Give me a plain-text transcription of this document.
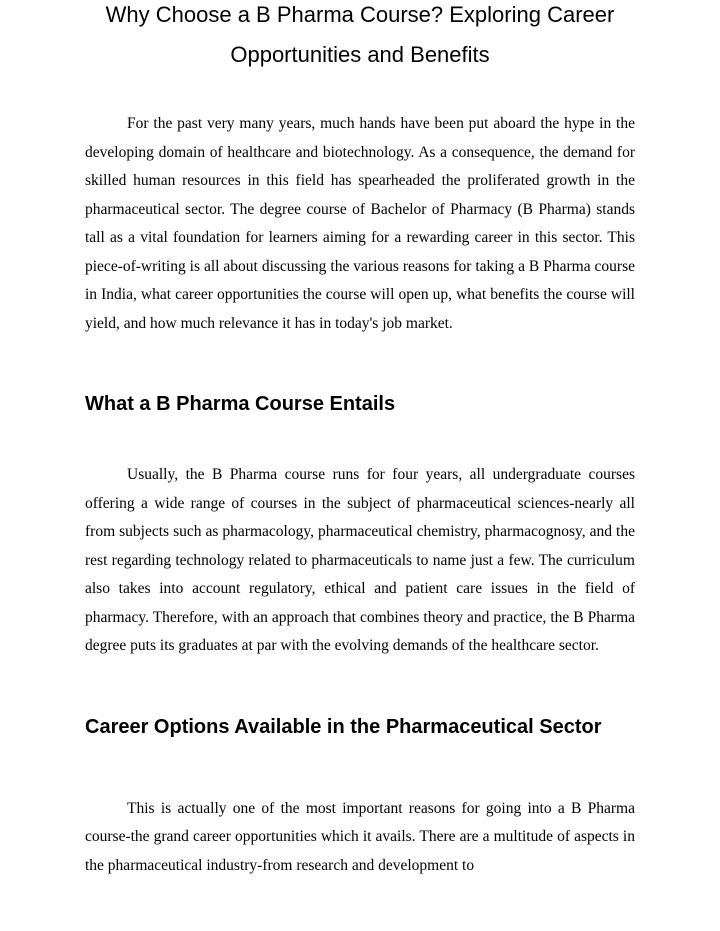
Why Choose a B Pharma Course? Exploring Career Opportunities and Benefits

For the past very many years, much hands have been put aboard the hype in the developing domain of healthcare and biotechnology. As a consequence, the demand for skilled human resources in this field has spearheaded the proliferated growth in the pharmaceutical sector. The degree course of Bachelor of Pharmacy (B Pharma) stands tall as a vital foundation for learners aiming for a rewarding career in this sector. This piece-of-writing is all about discussing the various reasons for taking a B Pharma course in India, what career opportunities the course will open up, what benefits the course will yield, and how much relevance it has in today's job market.

What a B Pharma Course Entails

Usually, the B Pharma course runs for four years, all undergraduate courses offering a wide range of courses in the subject of pharmaceutical sciences-nearly all from subjects such as pharmacology, pharmaceutical chemistry, pharmacognosy, and the rest regarding technology related to pharmaceuticals to name just a few. The curriculum also takes into account regulatory, ethical and patient care issues in the field of pharmacy. Therefore, with an approach that combines theory and practice, the B Pharma degree puts its graduates at par with the evolving demands of the healthcare sector.

Career Options Available in the Pharmaceutical Sector

This is actually one of the most important reasons for going into a B Pharma course-the grand career opportunities which it avails. There are a multitude of aspects in the pharmaceutical industry-from research and development to
